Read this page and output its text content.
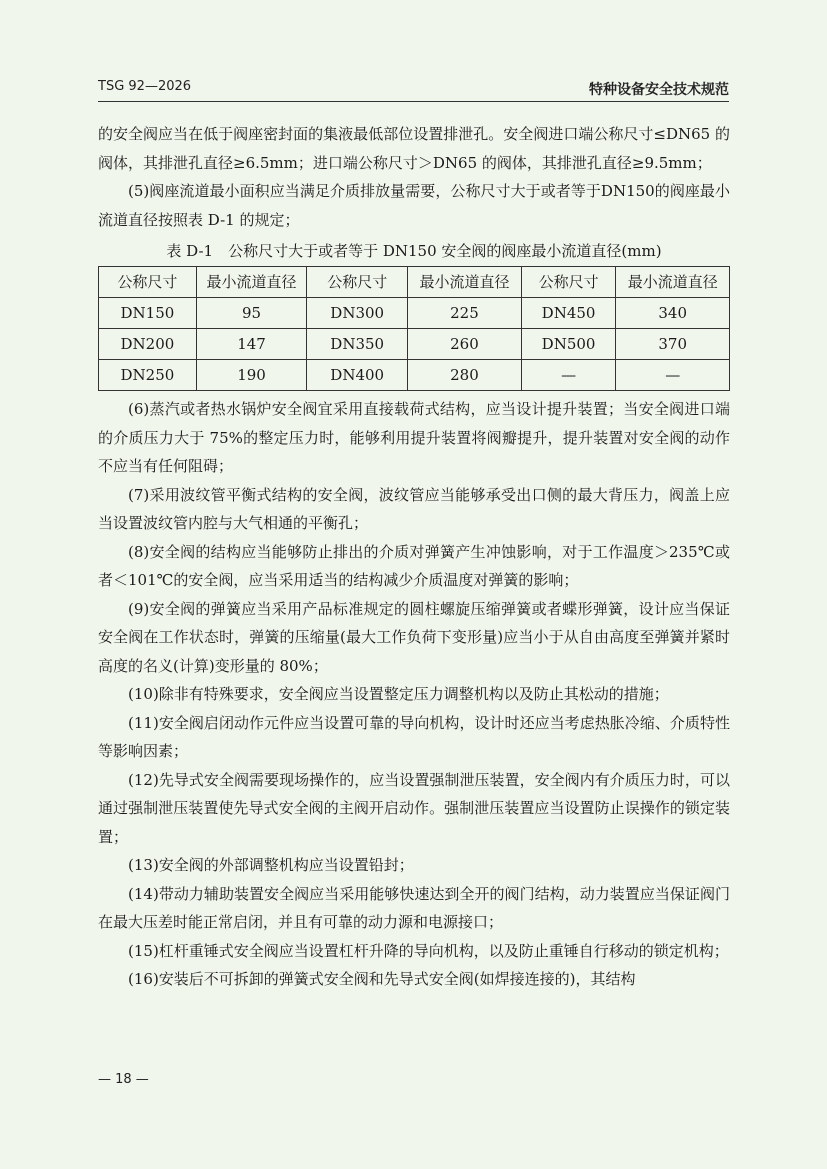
TSG 92—2026	特种设备安全技术规范

的安全阀应当在低于阀座密封面的集液最低部位设置排泄孔。安全阀进口端公称尺寸≤DN65 的阀体，其排泄孔直径≥6.5mm；进口端公称尺寸＞DN65 的阀体，其排泄孔直径≥9.5mm；

(5)阀座流道最小面积应当满足介质排放量需要，公称尺寸大于或者等于DN150的阀座最小流道直径按照表 D-1 的规定；

表 D-1　公称尺寸大于或者等于 DN150 安全阀的阀座最小流道直径(mm)
公称尺寸	最小流道直径	公称尺寸	最小流道直径	公称尺寸	最小流道直径
DN150	95	DN300	225	DN450	340
DN200	147	DN350	260	DN500	370
DN250	190	DN400	280	—	—

(6)蒸汽或者热水锅炉安全阀宜采用直接载荷式结构，应当设计提升装置；当安全阀进口端的介质压力大于 75%的整定压力时，能够利用提升装置将阀瓣提升，提升装置对安全阀的动作不应当有任何阻碍；

(7)采用波纹管平衡式结构的安全阀，波纹管应当能够承受出口侧的最大背压力，阀盖上应当设置波纹管内腔与大气相通的平衡孔；

(8)安全阀的结构应当能够防止排出的介质对弹簧产生冲蚀影响，对于工作温度＞235℃或者＜101℃的安全阀，应当采用适当的结构减少介质温度对弹簧的影响；

(9)安全阀的弹簧应当采用产品标准规定的圆柱螺旋压缩弹簧或者蝶形弹簧，设计应当保证安全阀在工作状态时，弹簧的压缩量(最大工作负荷下变形量)应当小于从自由高度至弹簧并紧时高度的名义(计算)变形量的 80%；

(10)除非有特殊要求，安全阀应当设置整定压力调整机构以及防止其松动的措施；

(11)安全阀启闭动作元件应当设置可靠的导向机构，设计时还应当考虑热胀冷缩、介质特性等影响因素；

(12)先导式安全阀需要现场操作的，应当设置强制泄压装置，安全阀内有介质压力时，可以通过强制泄压装置使先导式安全阀的主阀开启动作。强制泄压装置应当设置防止误操作的锁定装置；

(13)安全阀的外部调整机构应当设置铅封；

(14)带动力辅助装置安全阀应当采用能够快速达到全开的阀门结构，动力装置应当保证阀门在最大压差时能正常启闭，并且有可靠的动力源和电源接口；

(15)杠杆重锤式安全阀应当设置杠杆升降的导向机构，以及防止重锤自行移动的锁定机构；

(16)安装后不可拆卸的弹簧式安全阀和先导式安全阀(如焊接连接的)，其结构

— 18 —
